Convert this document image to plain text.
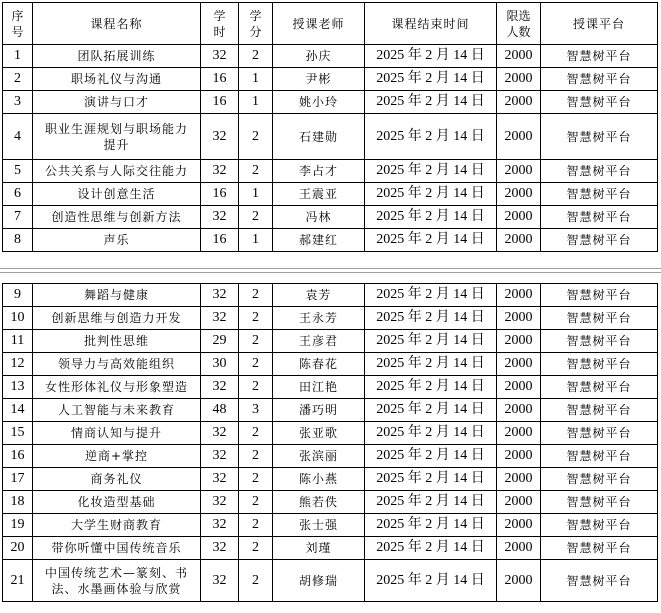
序号	课程名称	学时	学分	授课老师	课程结束时间	限选人数	授课平台
1	团队拓展训练	32	2	孙庆	2025 年 2 月 14 日	2000	智慧树平台
2	职场礼仪与沟通	16	1	尹彬	2025 年 2 月 14 日	2000	智慧树平台
3	演讲与口才	16	1	姚小玲	2025 年 2 月 14 日	2000	智慧树平台
4	职业生涯规划与职场能力提升	32	2	石建勋	2025 年 2 月 14 日	2000	智慧树平台
5	公共关系与人际交往能力	32	2	李占才	2025 年 2 月 14 日	2000	智慧树平台
6	设计创意生活	16	1	王震亚	2025 年 2 月 14 日	2000	智慧树平台
7	创造性思维与创新方法	32	2	冯林	2025 年 2 月 14 日	2000	智慧树平台
8	声乐	16	1	郝建红	2025 年 2 月 14 日	2000	智慧树平台
9	舞蹈与健康	32	2	袁芳	2025 年 2 月 14 日	2000	智慧树平台
10	创新思维与创造力开发	32	2	王永芳	2025 年 2 月 14 日	2000	智慧树平台
11	批判性思维	29	2	王彦君	2025 年 2 月 14 日	2000	智慧树平台
12	领导力与高效能组织	30	2	陈春花	2025 年 2 月 14 日	2000	智慧树平台
13	女性形体礼仪与形象塑造	32	2	田江艳	2025 年 2 月 14 日	2000	智慧树平台
14	人工智能与未来教育	48	3	潘巧明	2025 年 2 月 14 日	2000	智慧树平台
15	情商认知与提升	32	2	张亚歌	2025 年 2 月 14 日	2000	智慧树平台
16	逆商+掌控	32	2	张滨丽	2025 年 2 月 14 日	2000	智慧树平台
17	商务礼仪	32	2	陈小燕	2025 年 2 月 14 日	2000	智慧树平台
18	化妆造型基础	32	2	熊若佚	2025 年 2 月 14 日	2000	智慧树平台
19	大学生财商教育	32	2	张士强	2025 年 2 月 14 日	2000	智慧树平台
20	带你听懂中国传统音乐	32	2	刘瑾	2025 年 2 月 14 日	2000	智慧树平台
21	中国传统艺术—篆刻、书法、水墨画体验与欣赏	32	2	胡修瑞	2025 年 2 月 14 日	2000	智慧树平台
